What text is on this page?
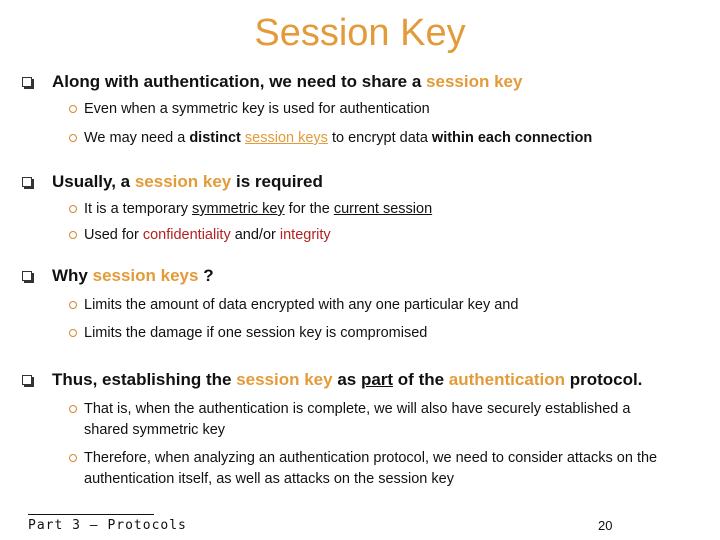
Session Key
Along with authentication, we need to share a session key
Even when a symmetric key is used for authentication
We may need a distinct session keys to encrypt data within each connection
Usually, a session key is required
It is a temporary symmetric key for the current session
Used for confidentiality and/or integrity
Why session keys ?
Limits the amount of data encrypted with any one particular key and
Limits the damage if one session key is compromised
Thus, establishing the session key as part of the authentication protocol.
That is, when the authentication is complete, we will also have securely established a shared symmetric key
Therefore, when analyzing an authentication protocol, we need to consider attacks on the authentication itself, as well as attacks on the session key
Part 3 — Protocols	20
